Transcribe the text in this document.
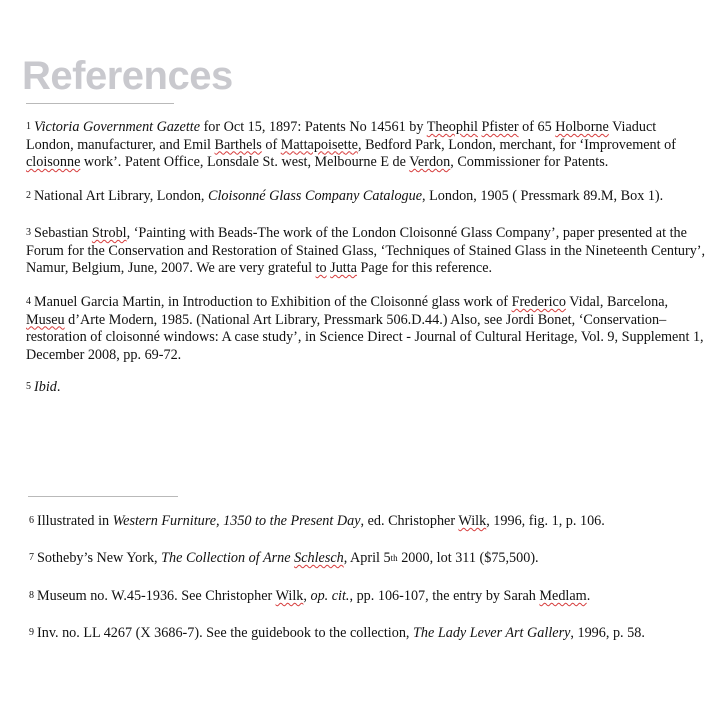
References

$^1$ Victoria Government Gazette for Oct 15, 1897: Patents No 14561 by Theophil Pfister of 65 Holborne Viaduct London, manufacturer, and Emil Barthels of Mattapoisette, Bedford Park, London, merchant, for ‘Improvement of cloisonne work’. Patent Office, Lonsdale St. west, Melbourne E de Verdon, Commissioner for Patents.

$^2$ National Art Library, London, Cloisonné Glass Company Catalogue, London, 1905 ( Pressmark 89.M, Box 1).

$^3$ Sebastian Strobl, ‘Painting with Beads-The work of the London Cloisonné Glass Company’, paper presented at the Forum for the Conservation and Restoration of Stained Glass, ‘Techniques of Stained Glass in the Nineteenth Century’, Namur, Belgium, June, 2007. We are very grateful to Jutta Page for this reference.

$^4$ Manuel Garcia Martin, in Introduction to Exhibition of the Cloisonné glass work of Frederico Vidal, Barcelona, Museu d’Arte Modern, 1985. (National Art Library, Pressmark 506.D.44.) Also, see Jordi Bonet, ‘Conservation–restoration of cloisonné windows: A case study’, in Science Direct - Journal of Cultural Heritage, Vol. 9, Supplement 1, December 2008, pp. 69-72.

$^5$ Ibid.

$^6$ Illustrated in Western Furniture, 1350 to the Present Day, ed. Christopher Wilk, 1996, fig. 1, p. 106.

$^7$ Sotheby’s New York, The Collection of Arne Schlesch, April 5th 2000, lot 311 ($75,500).

$^8$ Museum no. W.45-1936. See Christopher Wilk, op. cit., pp. 106-107, the entry by Sarah Medlam.

$^9$ Inv. no. LL 4267 (X 3686-7). See the guidebook to the collection, The Lady Lever Art Gallery, 1996, p. 58.
